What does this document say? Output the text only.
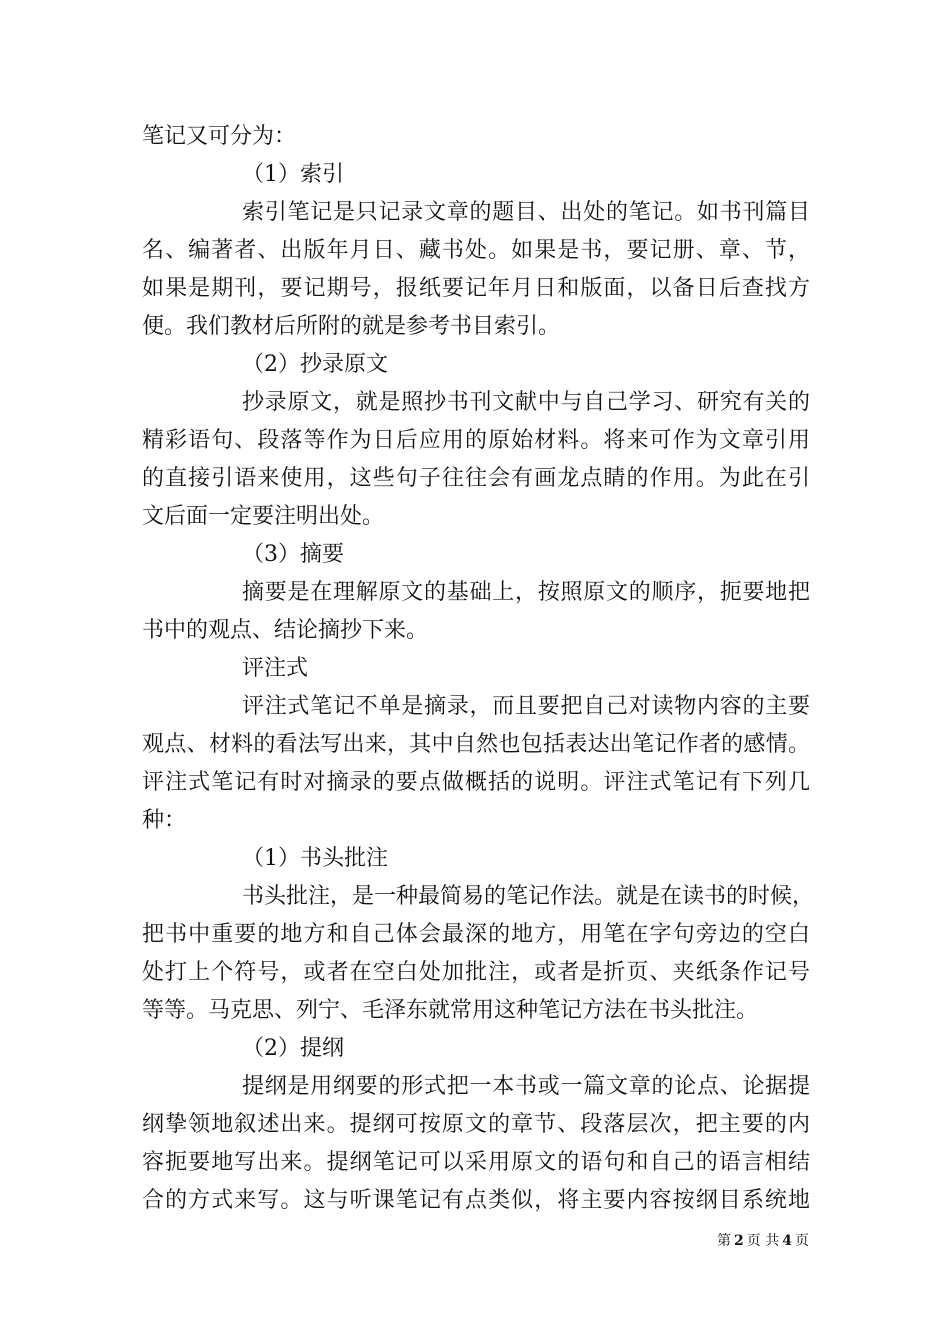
笔记又可分为：
（1）索引
索引笔记是只记录文章的题目、出处的笔记。如书刊篇目
名、编著者、出版年月日、藏书处。如果是书，要记册、章、节，
如果是期刊，要记期号，报纸要记年月日和版面，以备日后查找方
便。我们教材后所附的就是参考书目索引。
（2）抄录原文
抄录原文，就是照抄书刊文献中与自己学习、研究有关的
精彩语句、段落等作为日后应用的原始材料。将来可作为文章引用
的直接引语来使用，这些句子往往会有画龙点睛的作用。为此在引
文后面一定要注明出处。
（3）摘要
摘要是在理解原文的基础上，按照原文的顺序，扼要地把
书中的观点、结论摘抄下来。
评注式
评注式笔记不单是摘录，而且要把自己对读物内容的主要
观点、材料的看法写出来，其中自然也包括表达出笔记作者的感情。
评注式笔记有时对摘录的要点做概括的说明。评注式笔记有下列几
种：
（1）书头批注
书头批注，是一种最简易的笔记作法。就是在读书的时候，
把书中重要的地方和自己体会最深的地方，用笔在字句旁边的空白
处打上个符号，或者在空白处加批注，或者是折页、夹纸条作记号
等等。马克思、列宁、毛泽东就常用这种笔记方法在书头批注。
（2）提纲
提纲是用纲要的形式把一本书或一篇文章的论点、论据提
纲挚领地叙述出来。提纲可按原文的章节、段落层次，把主要的内
容扼要地写出来。提纲笔记可以采用原文的语句和自己的语言相结
合的方式来写。这与听课笔记有点类似，将主要内容按纲目系统地
第 2 页 共 4 页
